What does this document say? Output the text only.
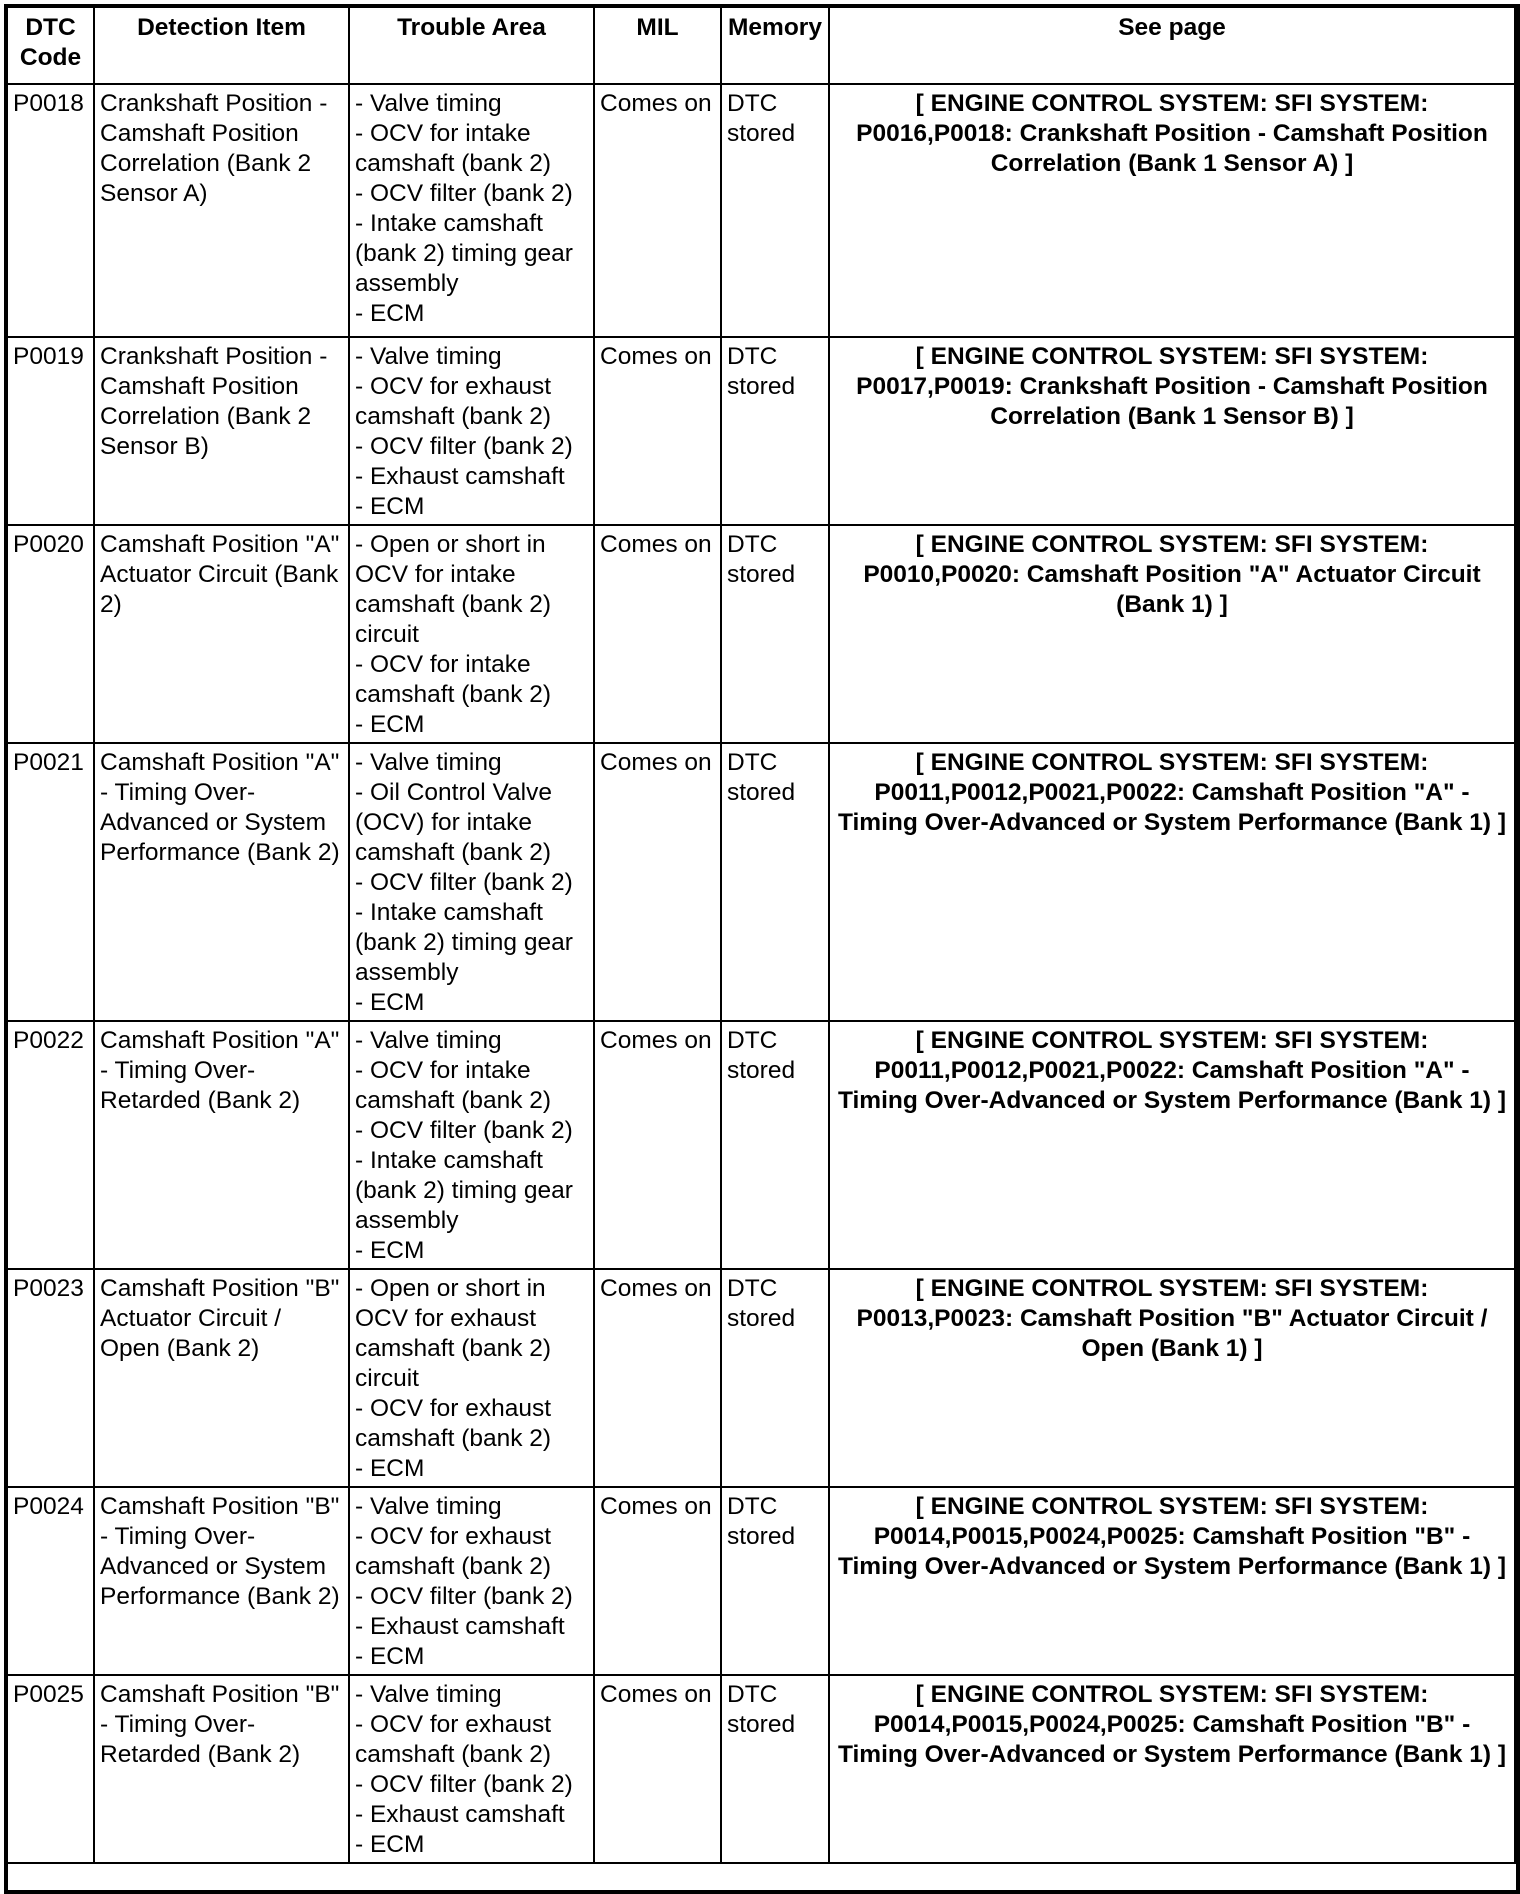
DTC Code	Detection Item	Trouble Area	MIL	Memory	See page
P0018	Crankshaft Position - Camshaft Position Correlation (Bank 2 Sensor A)	- Valve timing
- OCV for intake camshaft (bank 2)
- OCV filter (bank 2)
- Intake camshaft (bank 2) timing gear assembly
- ECM	Comes on	DTC stored	[ ENGINE CONTROL SYSTEM: SFI SYSTEM: P0016,P0018: Crankshaft Position - Camshaft Position Correlation (Bank 1 Sensor A) ]
P0019	Crankshaft Position - Camshaft Position Correlation (Bank 2 Sensor B)	- Valve timing
- OCV for exhaust camshaft (bank 2)
- OCV filter (bank 2)
- Exhaust camshaft
- ECM	Comes on	DTC stored	[ ENGINE CONTROL SYSTEM: SFI SYSTEM: P0017,P0019: Crankshaft Position - Camshaft Position Correlation (Bank 1 Sensor B) ]
P0020	Camshaft Position "A" Actuator Circuit (Bank 2)	- Open or short in OCV for intake camshaft (bank 2) circuit
- OCV for intake camshaft (bank 2)
- ECM	Comes on	DTC stored	[ ENGINE CONTROL SYSTEM: SFI SYSTEM: P0010,P0020: Camshaft Position "A" Actuator Circuit (Bank 1) ]
P0021	Camshaft Position "A" - Timing Over-Advanced or System Performance (Bank 2)	- Valve timing
- Oil Control Valve (OCV) for intake camshaft (bank 2)
- OCV filter (bank 2)
- Intake camshaft (bank 2) timing gear assembly
- ECM	Comes on	DTC stored	[ ENGINE CONTROL SYSTEM: SFI SYSTEM: P0011,P0012,P0021,P0022: Camshaft Position "A" - Timing Over-Advanced or System Performance (Bank 1) ]
P0022	Camshaft Position "A" - Timing Over-Retarded (Bank 2)	- Valve timing
- OCV for intake camshaft (bank 2)
- OCV filter (bank 2)
- Intake camshaft (bank 2) timing gear assembly
- ECM	Comes on	DTC stored	[ ENGINE CONTROL SYSTEM: SFI SYSTEM: P0011,P0012,P0021,P0022: Camshaft Position "A" - Timing Over-Advanced or System Performance (Bank 1) ]
P0023	Camshaft Position "B" Actuator Circuit / Open (Bank 2)	- Open or short in OCV for exhaust camshaft (bank 2) circuit
- OCV for exhaust camshaft (bank 2)
- ECM	Comes on	DTC stored	[ ENGINE CONTROL SYSTEM: SFI SYSTEM: P0013,P0023: Camshaft Position "B" Actuator Circuit / Open (Bank 1) ]
P0024	Camshaft Position "B" - Timing Over-Advanced or System Performance (Bank 2)	- Valve timing
- OCV for exhaust camshaft (bank 2)
- OCV filter (bank 2)
- Exhaust camshaft
- ECM	Comes on	DTC stored	[ ENGINE CONTROL SYSTEM: SFI SYSTEM: P0014,P0015,P0024,P0025: Camshaft Position "B" - Timing Over-Advanced or System Performance (Bank 1) ]
P0025	Camshaft Position "B" - Timing Over-Retarded (Bank 2)	- Valve timing
- OCV for exhaust camshaft (bank 2)
- OCV filter (bank 2)
- Exhaust camshaft
- ECM	Comes on	DTC stored	[ ENGINE CONTROL SYSTEM: SFI SYSTEM: P0014,P0015,P0024,P0025: Camshaft Position "B" - Timing Over-Advanced or System Performance (Bank 1) ]
